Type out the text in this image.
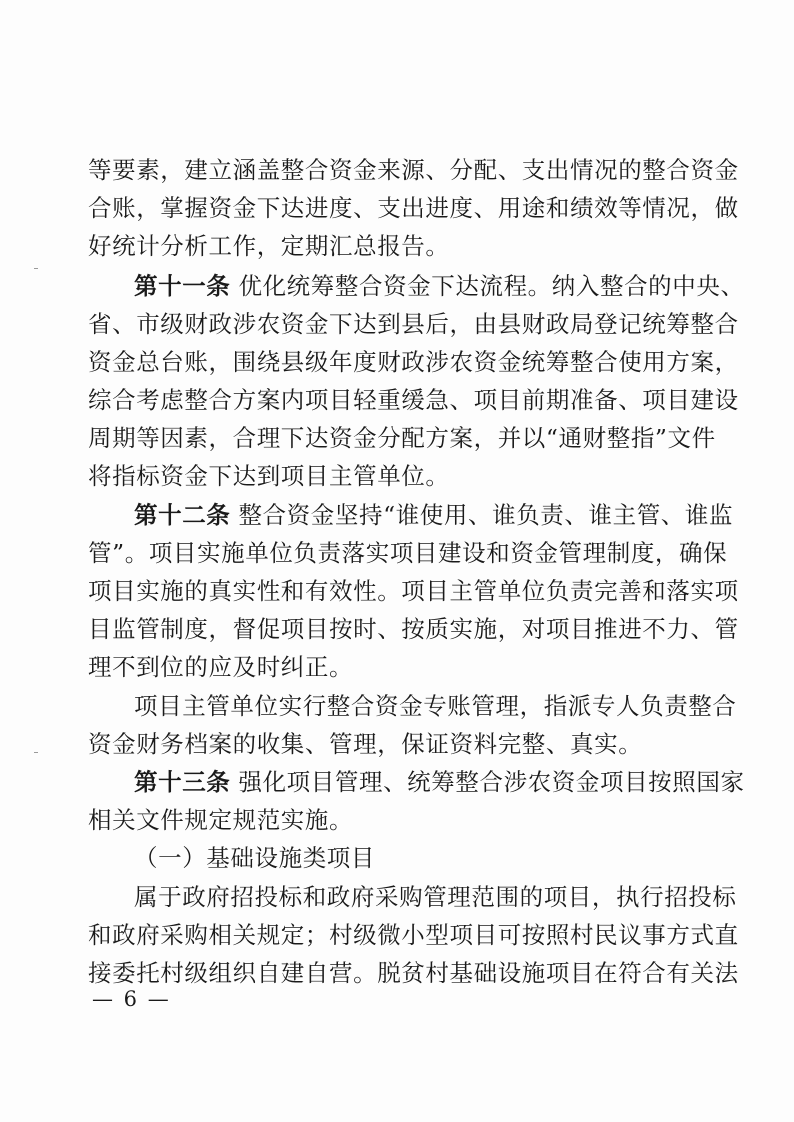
等要素，建立涵盖整合资金来源、分配、支出情况的整合资金
合账，掌握资金下达进度、支出进度、用途和绩效等情况，做
好统计分析工作，定期汇总报告。
第十一条 优化统筹整合资金下达流程。纳入整合的中央、
省、市级财政涉农资金下达到县后，由县财政局登记统筹整合
资金总台账，围绕县级年度财政涉农资金统筹整合使用方案，
综合考虑整合方案内项目轻重缓急、项目前期准备、项目建设
周期等因素，合理下达资金分配方案，并以“通财整指”文件
将指标资金下达到项目主管单位。
第十二条 整合资金坚持“谁使用、谁负责、谁主管、谁监
管”。项目实施单位负责落实项目建设和资金管理制度，确保
项目实施的真实性和有效性。项目主管单位负责完善和落实项
目监管制度，督促项目按时、按质实施，对项目推进不力、管
理不到位的应及时纠正。
项目主管单位实行整合资金专账管理，指派专人负责整合
资金财务档案的收集、管理，保证资料完整、真实。
第十三条 强化项目管理、统筹整合涉农资金项目按照国家
相关文件规定规范实施。
（一）基础设施类项目
属于政府招投标和政府采购管理范围的项目，执行招投标
和政府采购相关规定；村级微小型项目可按照村民议事方式直
接委托村级组织自建自营。脱贫村基础设施项目在符合有关法
— 6 —
